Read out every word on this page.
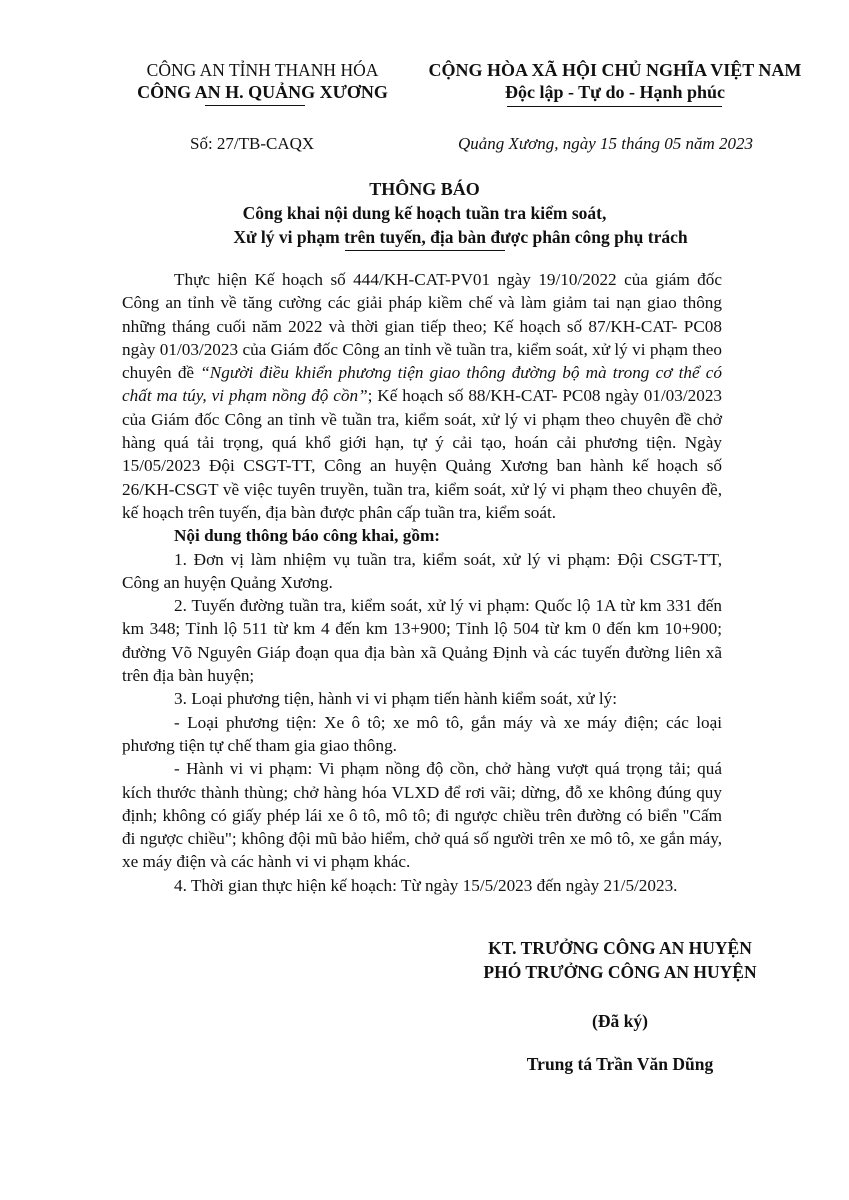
CÔNG AN TỈNH THANH HÓA
CÔNG AN H. QUẢNG XƯƠNG
CỘNG HÒA XÃ HỘI CHỦ NGHĨA VIỆT NAM
Độc lập - Tự do - Hạnh phúc
Số: 27/TB-CAQX	Quảng Xương, ngày 15 tháng 05 năm 2023
THÔNG BÁO
Công khai nội dung kế hoạch tuần tra kiểm soát,
Xử lý vi phạm trên tuyến, địa bàn được phân công phụ trách

Thực hiện Kế hoạch số 444/KH-CAT-PV01 ngày 19/10/2022 của giám đốc Công an tỉnh về tăng cường các giải pháp kiềm chế và làm giảm tai nạn giao thông những tháng cuối năm 2022 và thời gian tiếp theo; Kế hoạch số 87/KH-CAT- PC08 ngày 01/03/2023 của Giám đốc Công an tỉnh về tuần tra, kiểm soát, xử lý vi phạm theo chuyên đề “Người điều khiển phương tiện giao thông đường bộ mà trong cơ thể có chất ma túy, vi phạm nồng độ cồn”; Kế hoạch số 88/KH-CAT- PC08 ngày 01/03/2023 của Giám đốc Công an tỉnh về tuần tra, kiểm soát, xử lý vi phạm theo chuyên đề chở hàng quá tải trọng, quá khổ giới hạn, tự ý cải tạo, hoán cải phương tiện. Ngày 15/05/2023 Đội CSGT-TT, Công an huyện Quảng Xương ban hành kế hoạch số 26/KH-CSGT về việc tuyên truyền, tuần tra, kiểm soát, xử lý vi phạm theo chuyên đề, kế hoạch trên tuyến, địa bàn được phân cấp tuần tra, kiểm soát.

Nội dung thông báo công khai, gồm:

1. Đơn vị làm nhiệm vụ tuần tra, kiểm soát, xử lý vi phạm: Đội CSGT-TT, Công an huyện Quảng Xương.

2. Tuyến đường tuần tra, kiểm soát, xử lý vi phạm: Quốc lộ 1A từ km 331 đến km 348; Tỉnh lộ 511 từ km 4 đến km 13+900; Tỉnh lộ 504 từ km 0 đến km 10+900; đường Võ Nguyên Giáp đoạn qua địa bàn xã Quảng Định và các tuyến đường liên xã trên địa bàn huyện;

3. Loại phương tiện, hành vi vi phạm tiến hành kiểm soát, xử lý:

- Loại phương tiện: Xe ô tô; xe mô tô, gắn máy và xe máy điện; các loại phương tiện tự chế tham gia giao thông.

- Hành vi vi phạm: Vi phạm nồng độ cồn, chở hàng vượt quá trọng tải; quá kích thước thành thùng; chở hàng hóa VLXD để rơi vãi; dừng, đỗ xe không đúng quy định; không có giấy phép lái xe ô tô, mô tô; đi ngược chiều trên đường có biển "Cấm đi ngược chiều"; không đội mũ bảo hiểm, chở quá số người trên xe mô tô, xe gắn máy, xe máy điện và các hành vi vi phạm khác.

4. Thời gian thực hiện kế hoạch: Từ ngày 15/5/2023 đến ngày 21/5/2023.

KT. TRƯỞNG CÔNG AN HUYỆN
PHÓ TRƯỞNG CÔNG AN HUYỆN
(Đã ký)
Trung tá Trần Văn Dũng
